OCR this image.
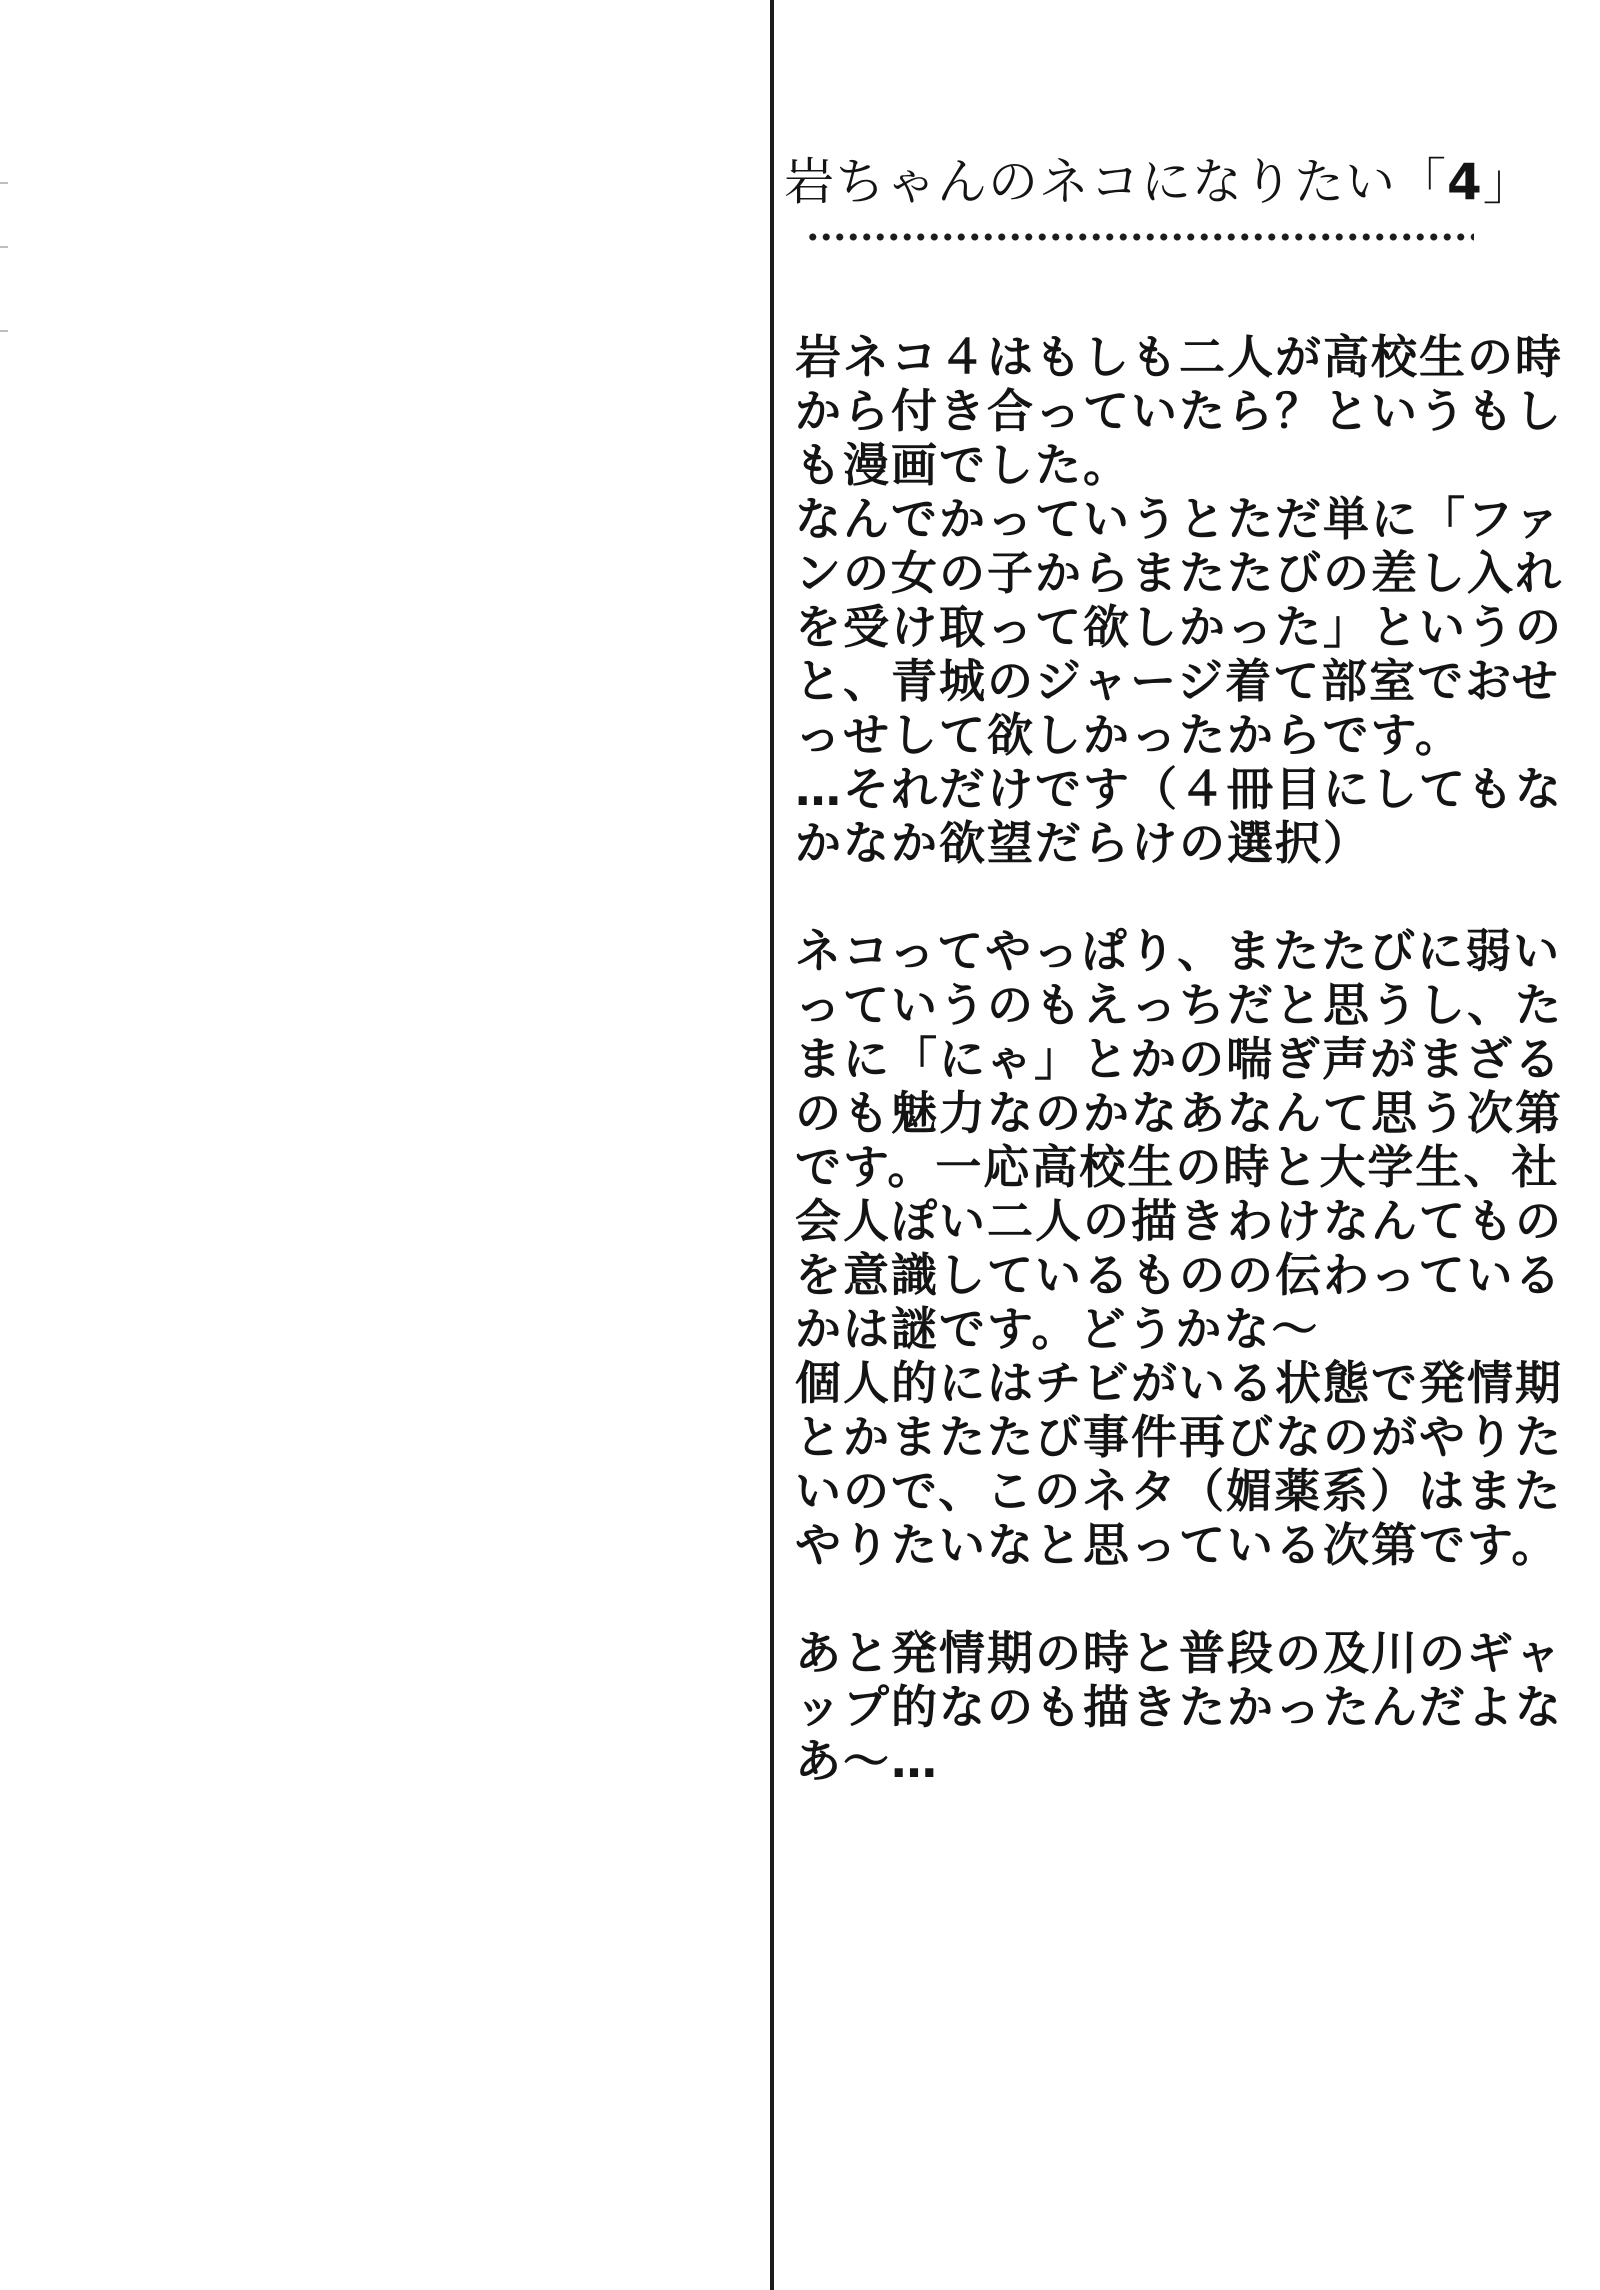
岩ちゃんのネコになりたい「4」
岩ネコ４はもしも二人が高校生の時
から付き合っていたら？というもし
も漫画でした。
なんでかっていうとただ単に「ファ
ンの女の子からまたたびの差し入れ
を受け取って欲しかった」というの
と、青城のジャージ着て部室でおせ
っせして欲しかったからです。
…それだけです（４冊目にしてもな
かなか欲望だらけの選択）
ネコってやっぱり、またたびに弱い
っていうのもえっちだと思うし、た
まに「にゃ」とかの喘ぎ声がまざる
のも魅力なのかなあなんて思う次第
です。一応高校生の時と大学生、社
会人ぽい二人の描きわけなんてもの
を意識しているものの伝わっている
かは謎です。どうかな～
個人的にはチビがいる状態で発情期
とかまたたび事件再びなのがやりた
いので、このネタ（媚薬系）はまた
やりたいなと思っている次第です。
あと発情期の時と普段の及川のギャ
ップ的なのも描きたかったんだよな
あ～…
